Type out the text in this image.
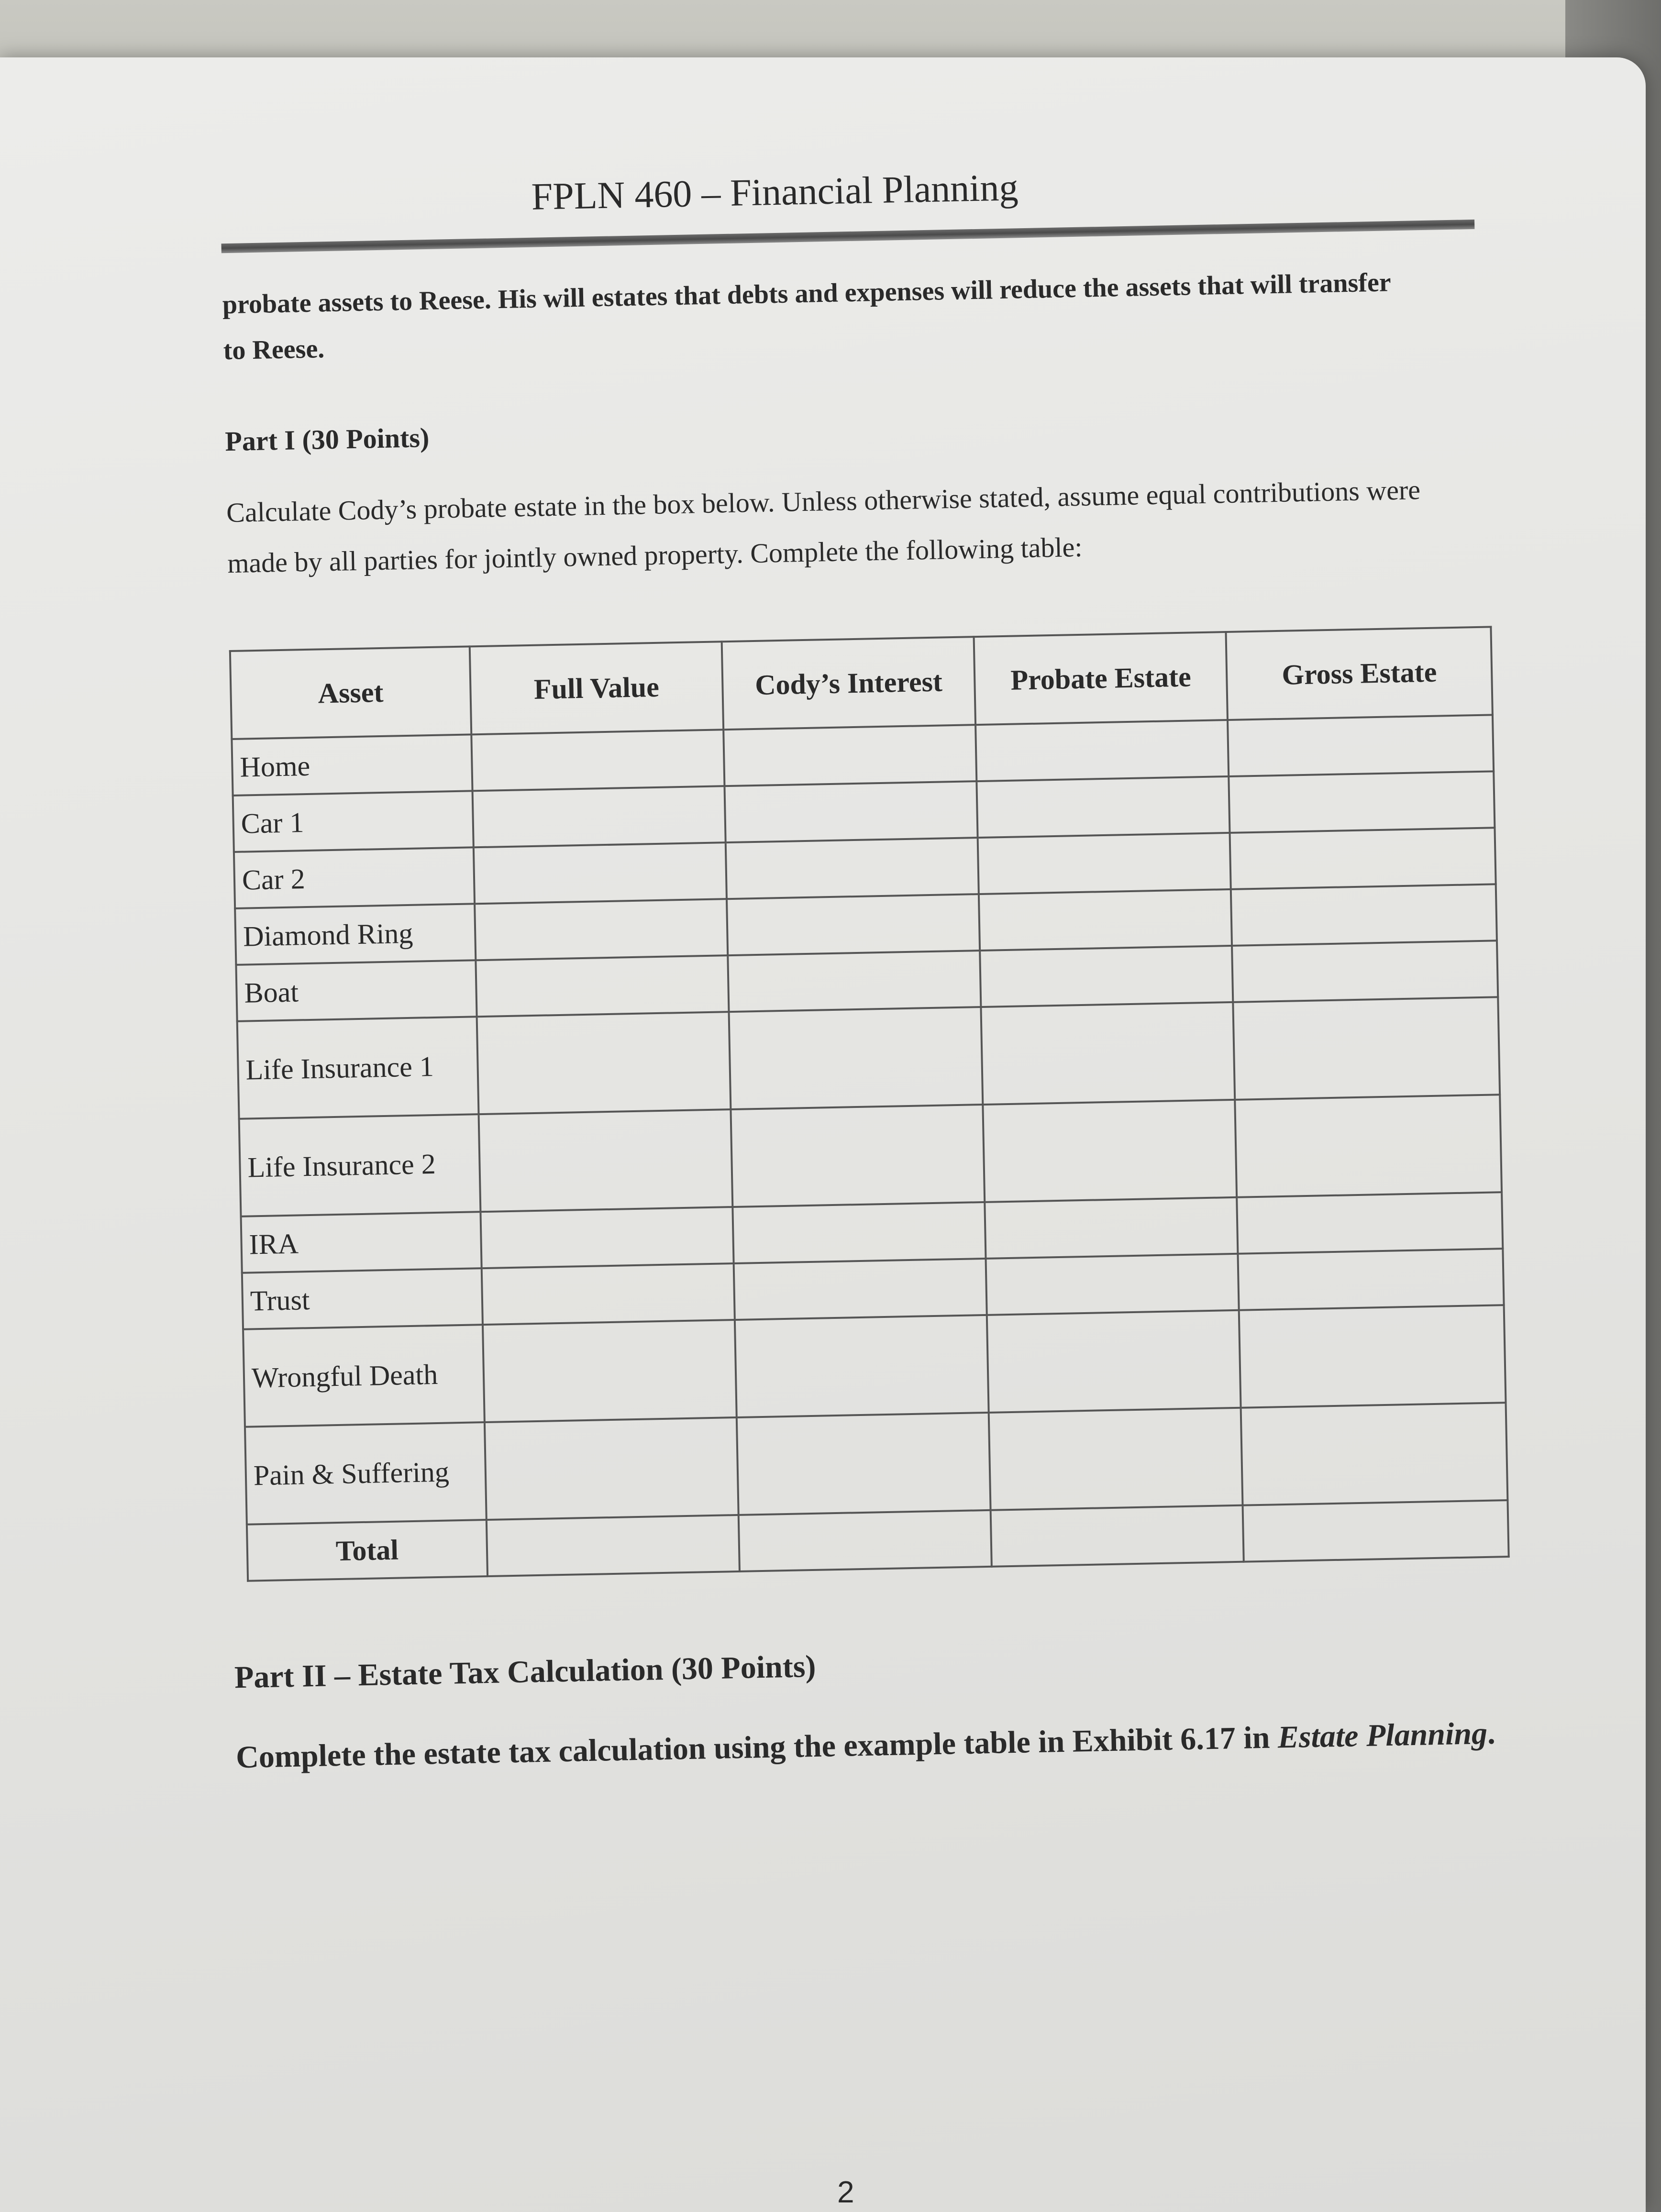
FPLN 460 – Financial Planning
probate assets to Reese. His will estates that debts and expenses will reduce the assets that will transfer to Reese.
Part I (30 Points)
Calculate Cody’s probate estate in the box below. Unless otherwise stated, assume equal contributions were made by all parties for jointly owned property. Complete the following table:
Asset	Full Value	Cody’s Interest	Probate Estate	Gross Estate
Home				
Car 1				
Car 2				
Diamond Ring				
Boat				
Life Insurance 1				
Life Insurance 2				
IRA				
Trust				
Wrongful Death				
Pain & Suffering				
Total				
Part II – Estate Tax Calculation (30 Points)
Complete the estate tax calculation using the example table in Exhibit 6.17 in Estate Planning.
2
